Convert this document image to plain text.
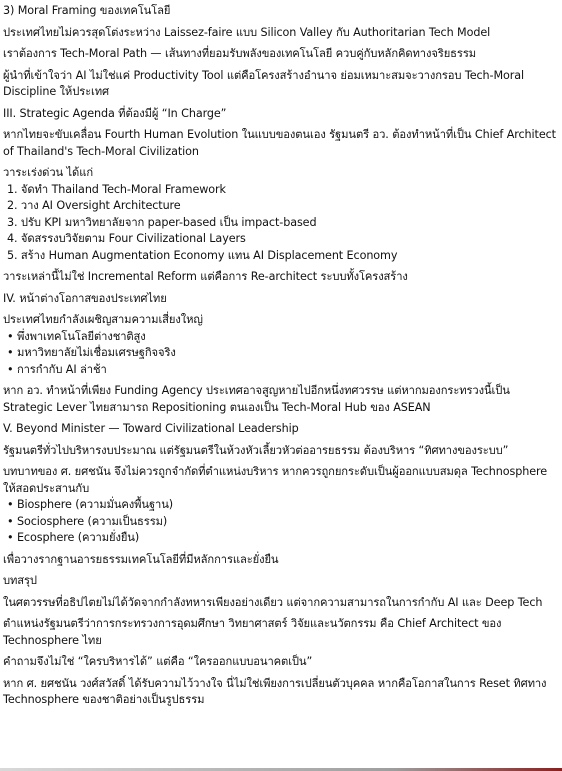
3) Moral Framing ของเทคโนโลยี
ประเทศไทยไม่ควรสุดโต่งระหว่าง Laissez-faire แบบ Silicon Valley กับ Authoritarian Tech Model
เราต้องการ Tech-Moral Path — เส้นทางที่ยอมรับพลังของเทคโนโลยี ควบคู่กับหลักคิดทางจริยธรรม
ผู้นำที่เข้าใจว่า AI ไม่ใช่แค่ Productivity Tool แต่คือโครงสร้างอำนาจ ย่อมเหมาะสมจะวางกรอบ Tech-Moral Discipline ให้ประเทศ
III. Strategic Agenda ที่ต้องมีผู้ “In Charge”
หากไทยจะขับเคลื่อน Fourth Human Evolution ในแบบของตนเอง รัฐมนตรี อว. ต้องทำหน้าที่เป็น Chief Architect of Thailand's Tech-Moral Civilization
วาระเร่งด่วน ได้แก่
1. จัดทำ Thailand Tech-Moral Framework
2. วาง AI Oversight Architecture
3. ปรับ KPI มหาวิทยาลัยจาก paper-based เป็น impact-based
4. จัดสรรงบวิจัยตาม Four Civilizational Layers
5. สร้าง Human Augmentation Economy แทน AI Displacement Economy
วาระเหล่านี้ไม่ใช่ Incremental Reform แต่คือการ Re-architect ระบบทั้งโครงสร้าง
IV. หน้าต่างโอกาสของประเทศไทย
ประเทศไทยกำลังเผชิญสามความเสี่ยงใหญ่
• พึ่งพาเทคโนโลยีต่างชาติสูง
• มหาวิทยาลัยไม่เชื่อมเศรษฐกิจจริง
• การกำกับ AI ล่าช้า
หาก อว. ทำหน้าที่เพียง Funding Agency ประเทศอาจสูญหายไปอีกหนึ่งทศวรรษ แต่หากมองกระทรวงนี้เป็น Strategic Lever ไทยสามารถ Repositioning ตนเองเป็น Tech-Moral Hub ของ ASEAN
V. Beyond Minister — Toward Civilizational Leadership
รัฐมนตรีทั่วไปบริหารงบประมาณ แต่รัฐมนตรีในห้วงหัวเลี้ยวหัวต่ออารยธรรม ต้องบริหาร “ทิศทางของระบบ”
บทบาทของ ศ. ยศชนัน จึงไม่ควรถูกจำกัดที่ตำแหน่งบริหาร หากควรถูกยกระดับเป็นผู้ออกแบบสมดุล Technosphere ให้สอดประสานกับ
• Biosphere (ความมั่นคงพื้นฐาน)
• Sociosphere (ความเป็นธรรม)
• Ecosphere (ความยั่งยืน)
เพื่อวางรากฐานอารยธรรมเทคโนโลยีที่มีหลักการและยั่งยืน
บทสรุป
ในศตวรรษที่อธิปไตยไม่ได้วัดจากกำลังทหารเพียงอย่างเดียว แต่จากความสามารถในการกำกับ AI และ Deep Tech
ตำแหน่งรัฐมนตรีว่าการกระทรวงการอุดมศึกษา วิทยาศาสตร์ วิจัยและนวัตกรรม คือ Chief Architect ของ Technosphere ไทย
คำถามจึงไม่ใช่ “ใครบริหารได้” แต่คือ “ใครออกแบบอนาคตเป็น”
หาก ศ. ยศชนัน วงศ์สวัสดิ์ ได้รับความไว้วางใจ นี่ไม่ใช่เพียงการเปลี่ยนตัวบุคคล หากคือโอกาสในการ Reset ทิศทาง Technosphere ของชาติอย่างเป็นรูปธรรม
